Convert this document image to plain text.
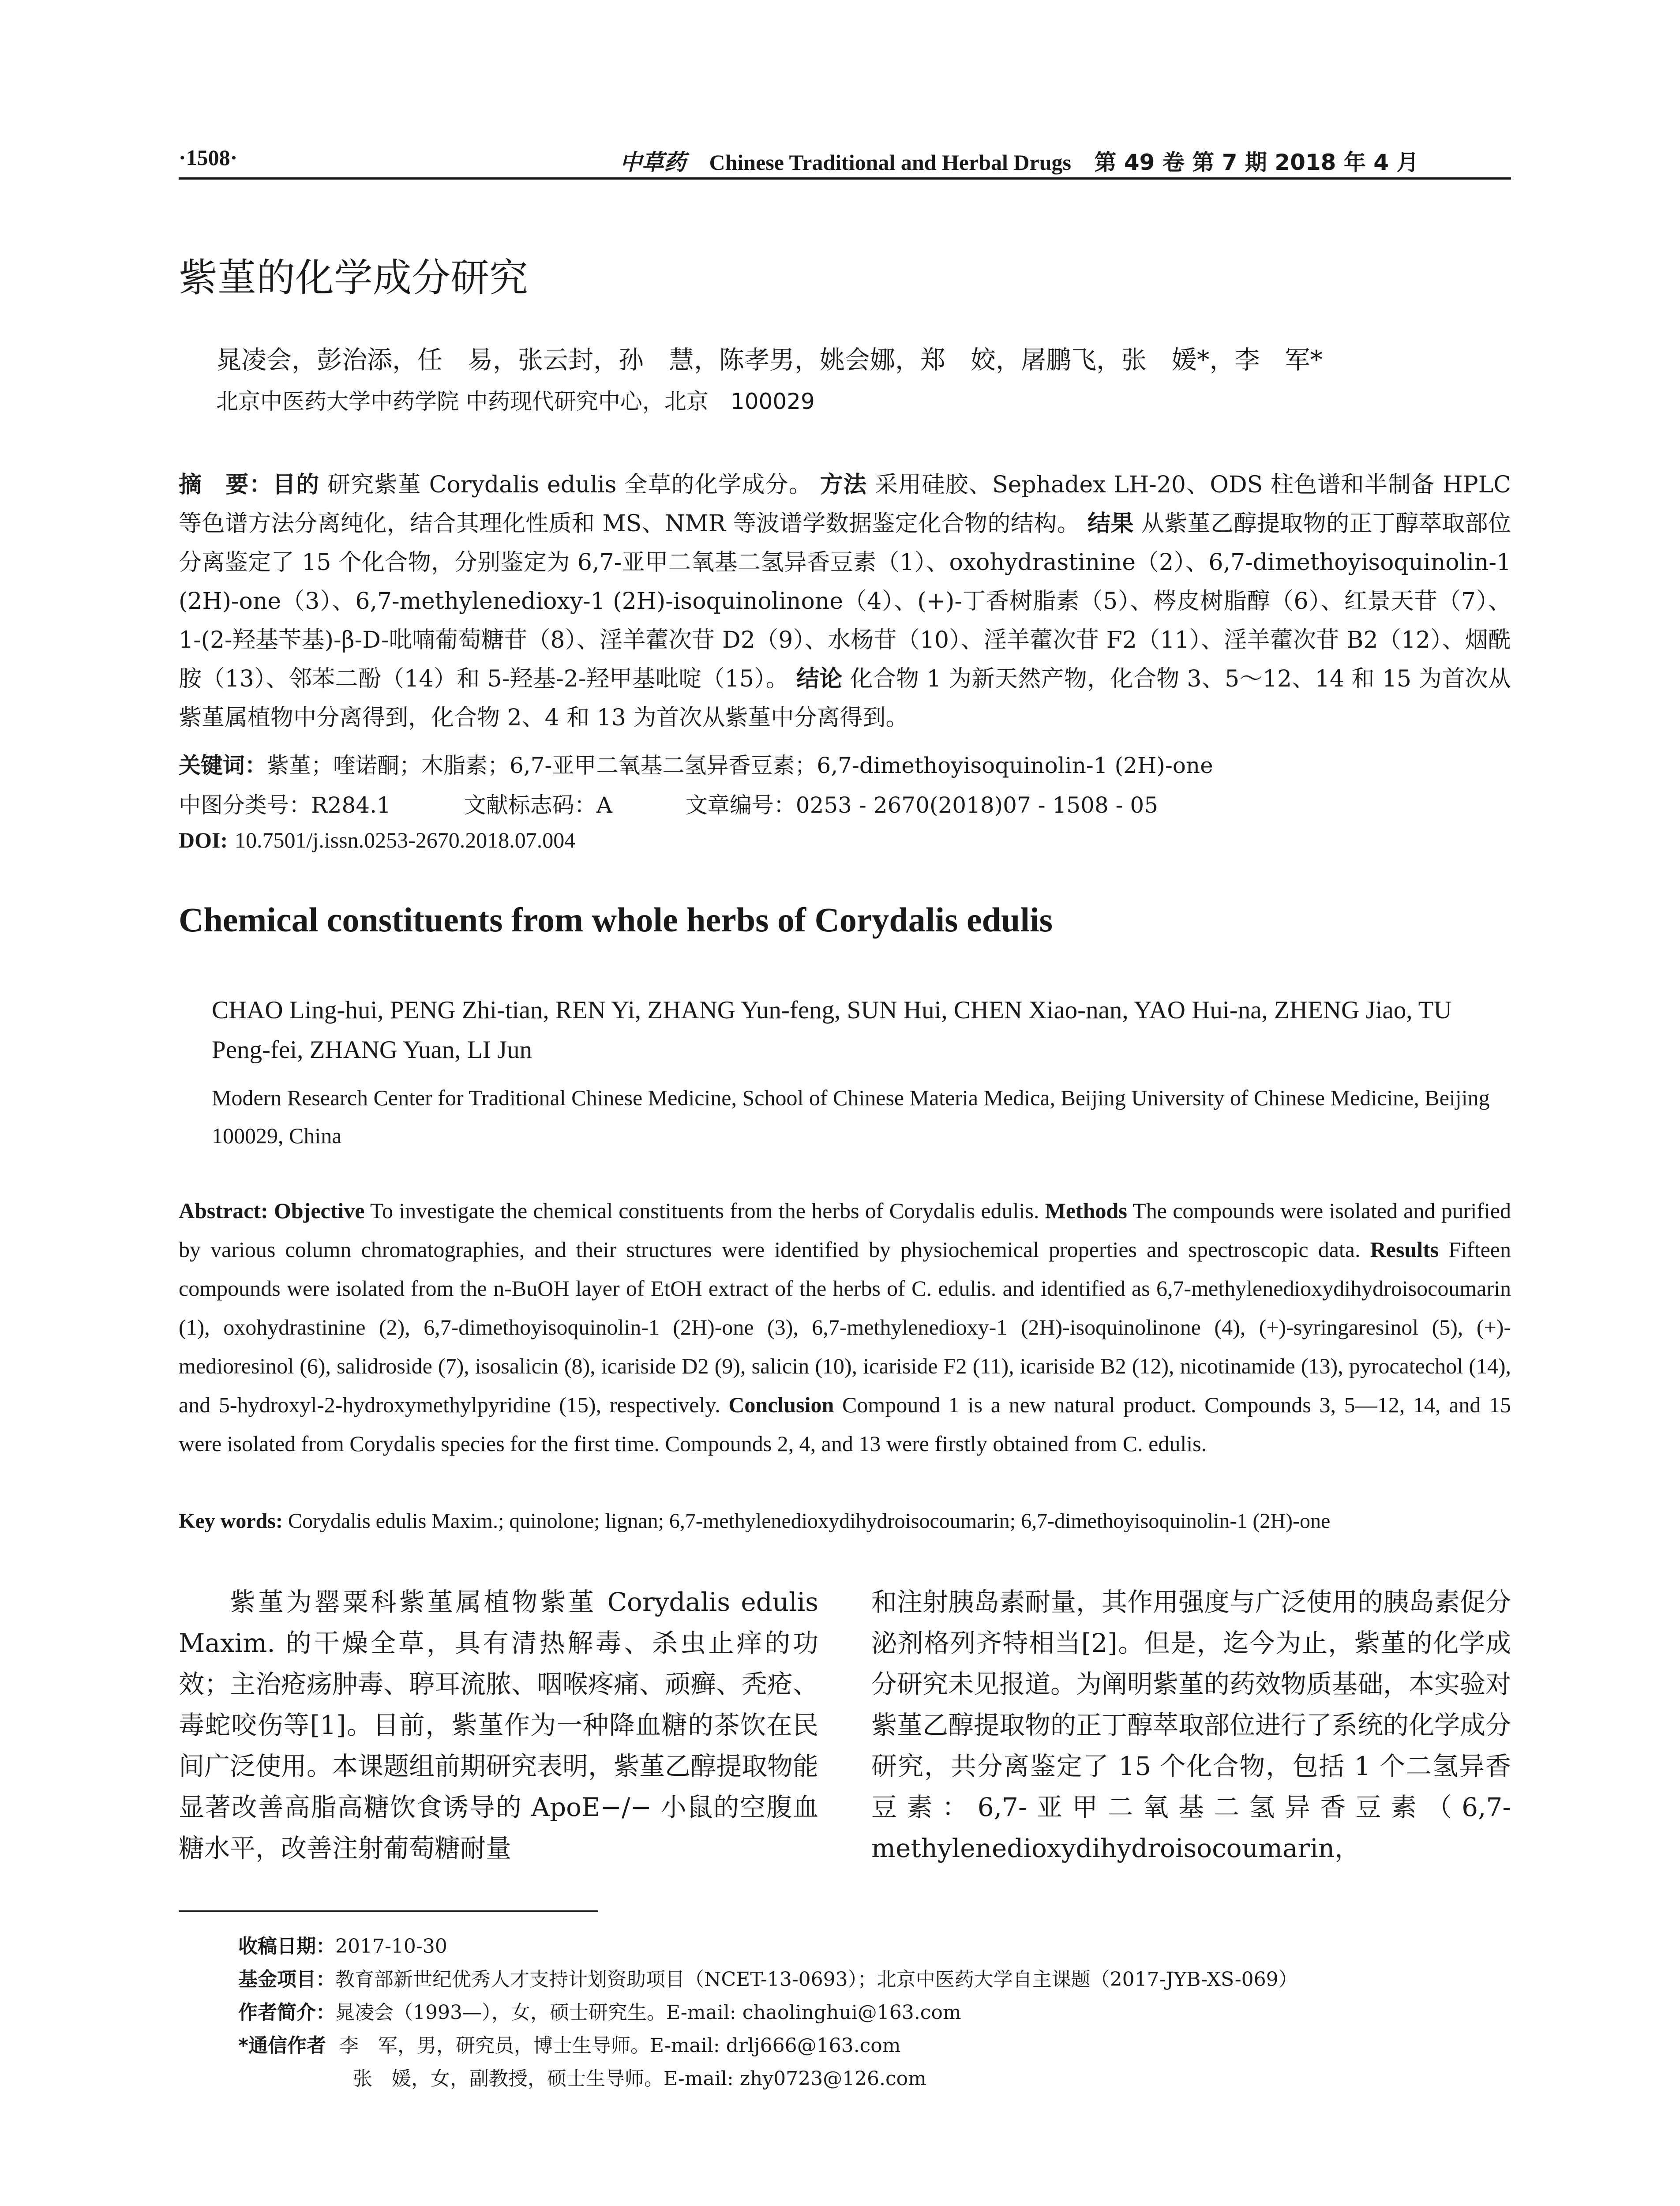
·1508·	中草药 Chinese Traditional and Herbal Drugs 第 49 卷 第 7 期 2018 年 4 月
紫堇的化学成分研究
晁凌会，彭治添，任　易，张云封，孙　慧，陈孝男，姚会娜，郑　姣，屠鹏飞，张　媛*，李　军*
北京中医药大学中药学院 中药现代研究中心，北京　100029
摘　要：目的 研究紫堇 Corydalis edulis 全草的化学成分。 方法 采用硅胶、Sephadex LH-20、ODS 柱色谱和半制备 HPLC 等色谱方法分离纯化，结合其理化性质和 MS、NMR 等波谱学数据鉴定化合物的结构。 结果 从紫堇乙醇提取物的正丁醇萃取部位分离鉴定了 15 个化合物，分别鉴定为 6,7-亚甲二氧基二氢异香豆素（1）、oxohydrastinine（2）、6,7-dimethoyisoquinolin-1 (2H)-one（3）、6,7-methylenedioxy-1 (2H)-isoquinolinone（4）、(+)-丁香树脂素（5）、梣皮树脂醇（6）、红景天苷（7）、1-(2-羟基苄基)-β-D-吡喃葡萄糖苷（8）、淫羊藿次苷 D2（9）、水杨苷（10）、淫羊藿次苷 F2（11）、淫羊藿次苷 B2（12）、烟酰胺（13）、邻苯二酚（14）和 5-羟基-2-羟甲基吡啶（15）。 结论 化合物 1 为新天然产物，化合物 3、5～12、14 和 15 为首次从紫堇属植物中分离得到，化合物 2、4 和 13 为首次从紫堇中分离得到。
关键词：紫堇；喹诺酮；木脂素；6,7-亚甲二氧基二氢异香豆素；6,7-dimethoyisoquinolin-1 (2H)-one
中图分类号：R284.1	文献标志码：A	文章编号：0253 - 2670(2018)07 - 1508 - 05
DOI: 10.7501/j.issn.0253-2670.2018.07.004
Chemical constituents from whole herbs of Corydalis edulis
CHAO Ling-hui, PENG Zhi-tian, REN Yi, ZHANG Yun-feng, SUN Hui, CHEN Xiao-nan, YAO Hui-na, ZHENG Jiao, TU Peng-fei, ZHANG Yuan, LI Jun
Modern Research Center for Traditional Chinese Medicine, School of Chinese Materia Medica, Beijing University of Chinese Medicine, Beijing 100029, China
Abstract: Objective To investigate the chemical constituents from the herbs of Corydalis edulis. Methods The compounds were isolated and purified by various column chromatographies, and their structures were identified by physiochemical properties and spectroscopic data. Results Fifteen compounds were isolated from the n-BuOH layer of EtOH extract of the herbs of C. edulis. and identified as 6,7-methylenedioxydihydroisocoumarin (1), oxohydrastinine (2), 6,7-dimethoyisoquinolin-1 (2H)-one (3), 6,7-methylenedioxy-1 (2H)-isoquinolinone (4), (+)-syringaresinol (5), (+)-medioresinol (6), salidroside (7), isosalicin (8), icariside D2 (9), salicin (10), icariside F2 (11), icariside B2 (12), nicotinamide (13), pyrocatechol (14), and 5-hydroxyl-2-hydroxymethylpyridine (15), respectively. Conclusion Compound 1 is a new natural product. Compounds 3, 5—12, 14, and 15 were isolated from Corydalis species for the first time. Compounds 2, 4, and 13 were firstly obtained from C. edulis.
Key words: Corydalis edulis Maxim.; quinolone; lignan; 6,7-methylenedioxydihydroisocoumarin; 6,7-dimethoyisoquinolin-1 (2H)-one
紫堇为罂粟科紫堇属植物紫堇 Corydalis edulis Maxim. 的干燥全草，具有清热解毒、杀虫止痒的功效；主治疮疡肿毒、聤耳流脓、咽喉疼痛、顽癣、秃疮、毒蛇咬伤等[1]。目前，紫堇作为一种降血糖的茶饮在民间广泛使用。本课题组前期研究表明，紫堇乙醇提取物能显著改善高脂高糖饮食诱导的 ApoE−/− 小鼠的空腹血糖水平，改善注射葡萄糖耐量
和注射胰岛素耐量，其作用强度与广泛使用的胰岛素促分泌剂格列齐特相当[2]。但是，迄今为止，紫堇的化学成分研究未见报道。为阐明紫堇的药效物质基础，本实验对紫堇乙醇提取物的正丁醇萃取部位进行了系统的化学成分研究，共分离鉴定了 15 个化合物，包括 1 个二氢异香豆素：6,7-亚甲二氧基二氢异香豆素（6,7-methylenedioxydihydroisocoumarin，
收稿日期：2017-10-30
基金项目：教育部新世纪优秀人才支持计划资助项目（NCET-13-0693）；北京中医药大学自主课题（2017-JYB-XS-069）
作者简介：晁凌会（1993—），女，硕士研究生。E-mail: chaolinghui@163.com
*通信作者 李　军，男，研究员，博士生导师。E-mail: drlj666@163.com
张　媛，女，副教授，硕士生导师。E-mail: zhy0723@126.com
